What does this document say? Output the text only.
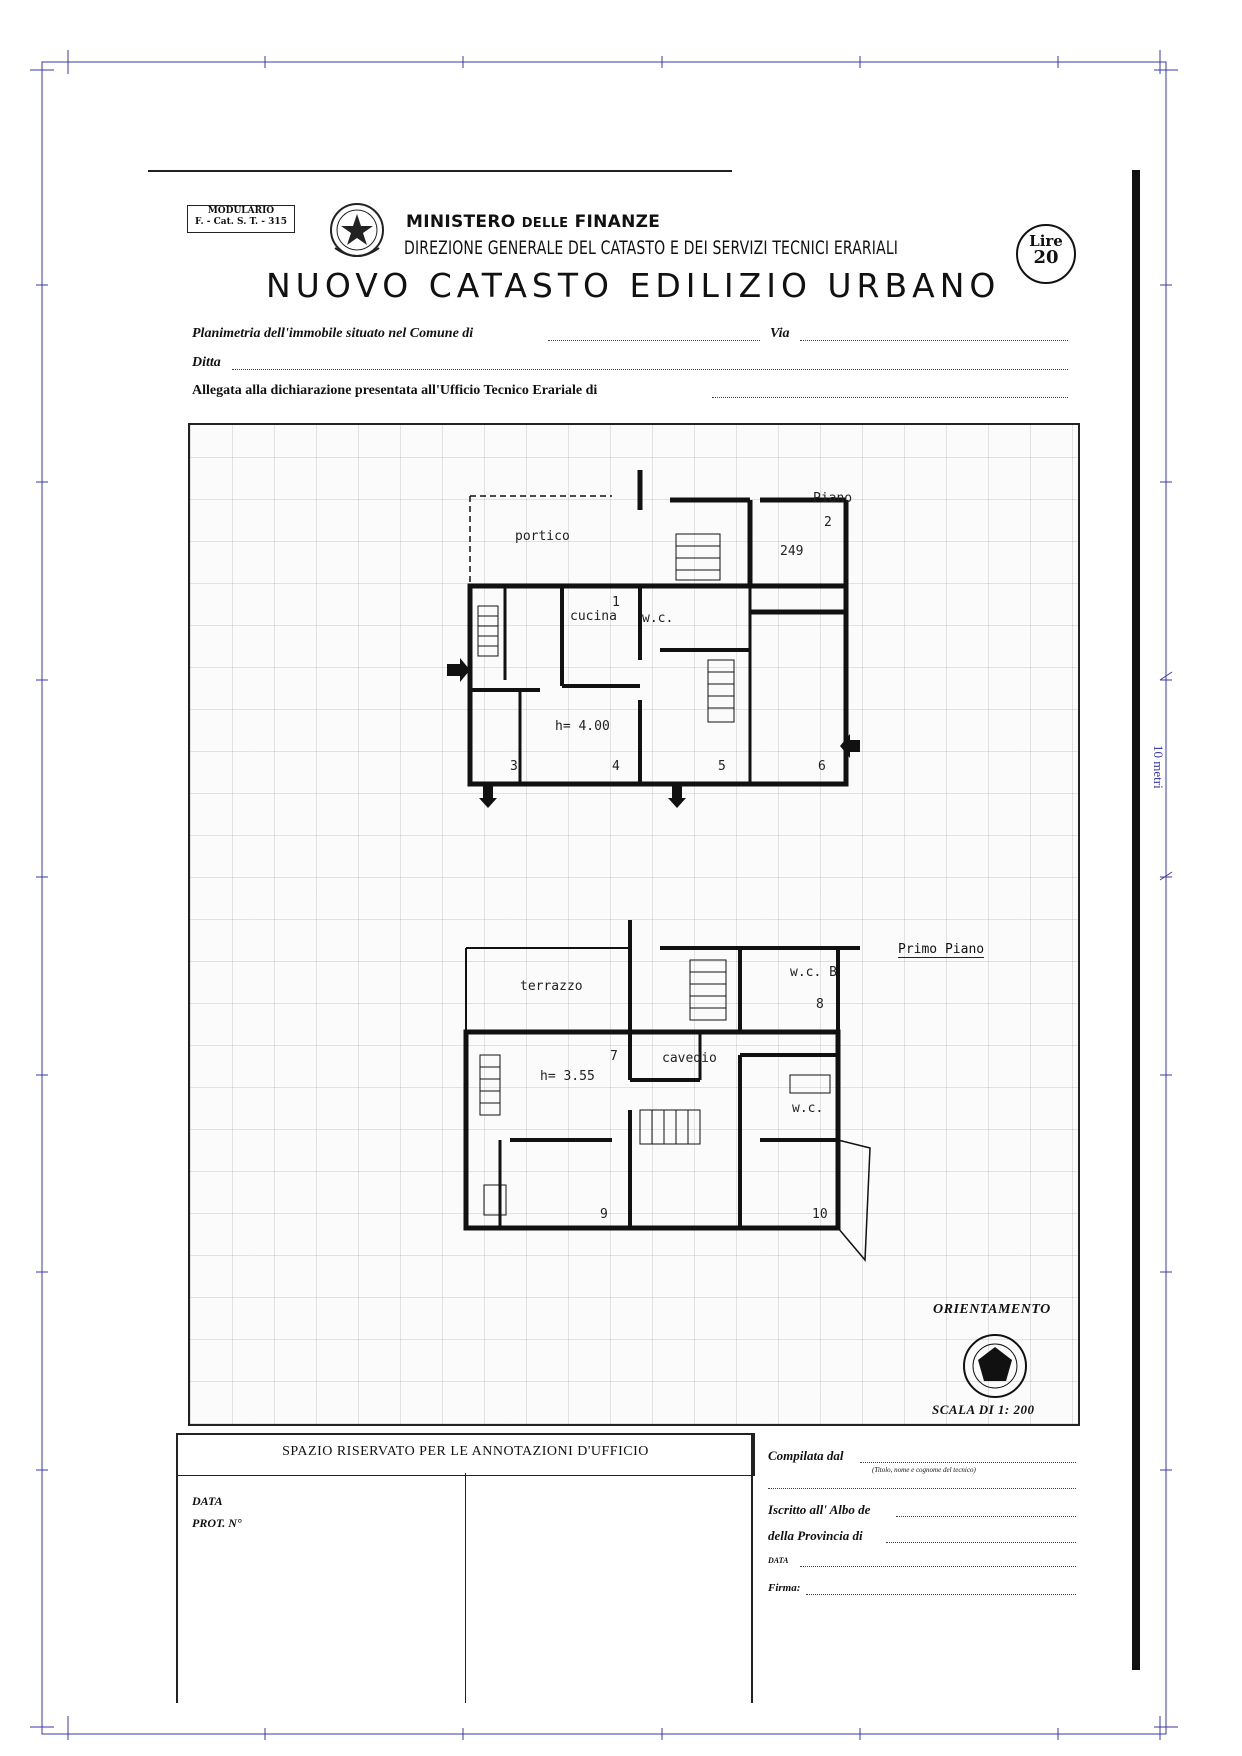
10 metri
MODULARIO
F. - Cat. S. T. - 315	MINISTERO DELLE FINANZE
DIREZIONE GENERALE DEL CATASTO E DEI SERVIZI TECNICI ERARIALI	Lire
20
NUOVO CATASTO EDILIZIO URBANO
Planimetria dell'immobile situato nel Comune di	Via
Ditta
Allegata alla dichiarazione presentata all'Ufficio Tecnico Erariale di
portico
cucina w.c.
h= 4.00
Piano
249
1
2
3	4	5	6
terrazzo
cavedio
h= 3.55
w.c. B
w.c.
7
8
9	10
Primo Piano
ORIENTAMENTO
SCALA DI 1: 200
SPAZIO RISERVATO PER LE ANNOTAZIONI D'UFFICIO
DATA
PROT. N°
Compilata dal
(Titolo, nome e cognome del tecnico)
Iscritto all' Albo de
della Provincia di
DATA
Firma:
